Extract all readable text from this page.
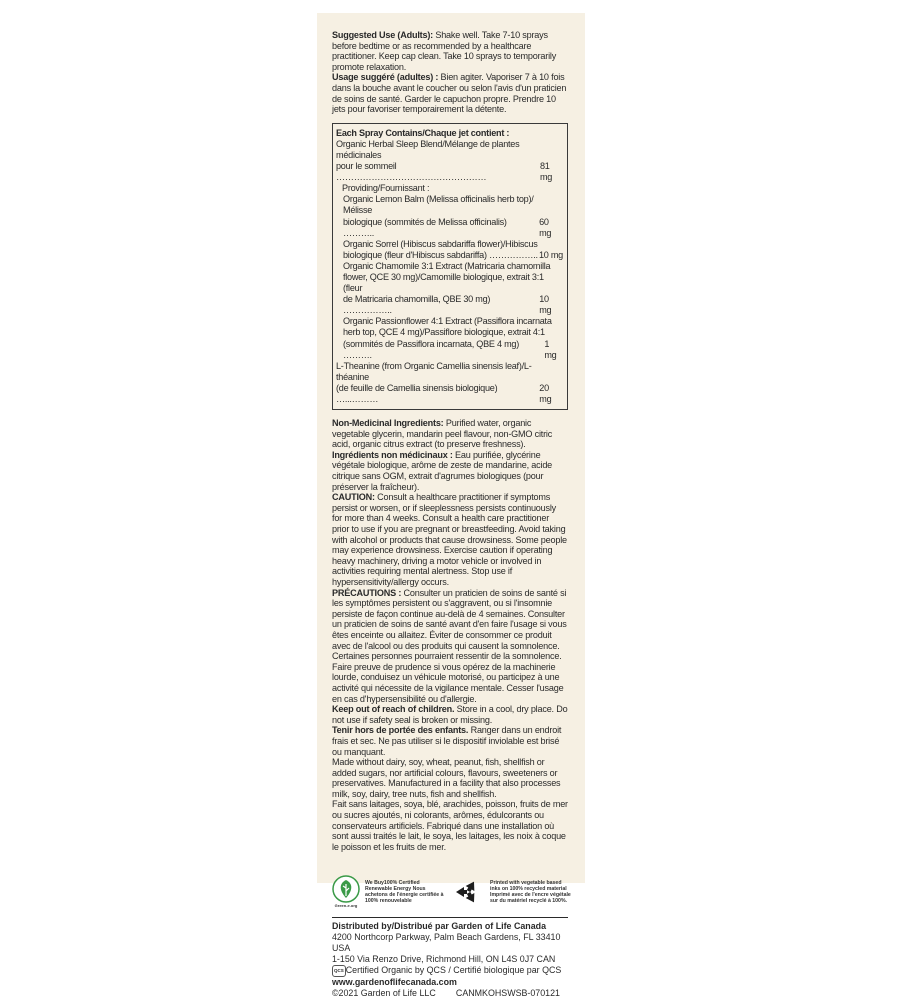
Suggested Use (Adults): Shake well. Take 7-10 sprays before bedtime or as recommended by a healthcare practitioner. Keep cap clean. Take 10 sprays to temporarily promote relaxation.
Usage suggéré (adultes) : Bien agiter. Vaporiser 7 à 10 fois dans la bouche avant le coucher ou selon l'avis d'un praticien de soins de santé. Garder le capuchon propre. Prendre 10 jets pour favoriser temporairement la détente.
Each Spray Contains/Chaque jet contient :
Organic Herbal Sleep Blend/Mélange de plantes médicinales
pour le sommeil ……………………………………………
81 mg
Providing/Fournissant :
Organic Lemon Balm (Melissa officinalis herb top)/ Mélisse
biologique (sommités de Melissa officinalis) ………..
60 mg
Organic Sorrel (Hibiscus sabdariffa flower)/Hibiscus
biologique (fleur d'Hibiscus sabdariffa) …………….. 10 mg
Organic Chamomile 3:1 Extract (Matricaria chamomilla
flower, QCE 30 mg)/Camomille biologique, extrait 3:1 (fleur
de Matricaria chamomilla, QBE 30 mg) ……………..
10 mg
Organic Passionflower 4:1 Extract (Passiflora incarnata
herb top, QCE 4 mg)/Passiflore biologique, extrait 4:1
(sommités de Passiflora incarnata, QBE 4 mg) ……….
1 mg
L-Theanine (from Organic Camellia sinensis leaf)/L-théanine
(de feuille de Camellia sinensis biologique) …...………
20 mg
Non-Medicinal Ingredients: Purified water, organic vegetable glycerin, mandarin peel flavour, non-GMO citric acid, organic citrus extract (to preserve freshness).
Ingrédients non médicinaux : Eau purifiée, glycérine végétale biologique, arôme de zeste de mandarine, acide citrique sans OGM, extrait d'agrumes biologiques (pour préserver la fraîcheur).
CAUTION: Consult a healthcare practitioner if symptoms persist or worsen, or if sleeplessness persists continuously for more than 4 weeks. Consult a health care practitioner prior to use if you are pregnant or breastfeeding. Avoid taking with alcohol or products that cause drowsiness. Some people may experience drowsiness. Exercise caution if operating heavy machinery, driving a motor vehicle or involved in activities requiring mental alertness. Stop use if hypersensitivity/allergy occurs.
PRÉCAUTIONS : Consulter un praticien de soins de santé si les symptômes persistent ou s'aggravent, ou si l'insomnie persiste de façon continue au-delà de 4 semaines. Consulter un praticien de soins de santé avant d'en faire l'usage si vous êtes enceinte ou allaitez. Éviter de consommer ce produit avec de l'alcool ou des produits qui causent la somnolence. Certaines personnes pourraient ressentir de la somnolence. Faire preuve de prudence si vous opérez de la machinerie lourde, conduisez un véhicule motorisé, ou participez à une activité qui nécessite de la vigilance mentale. Cesser l'usage en cas d'hypersensibilité ou d'allergie.
Keep out of reach of children. Store in a cool, dry place. Do not use if safety seal is broken or missing.
Tenir hors de portée des enfants. Ranger dans un endroit frais et sec. Ne pas utiliser si le dispositif inviolable est brisé ou manquant.
Made without dairy, soy, wheat, peanut, fish, shellfish or added sugars, nor artificial colours, flavours, sweeteners or preservatives. Manufactured in a facility that also processes milk, soy, dairy, tree nuts, fish and shellfish.
Fait sans laitages, soya, blé, arachides, poisson, fruits de mer ou sucres ajoutés, ni colorants, arômes, édulcorants ou conservateurs artificiels. Fabriqué dans une installation où sont aussi traités le lait, le soya, les laitages, les noix à coque le poisson et les fruits de mer.
Green-e.org
We Buy100% Certified Renewable Energy Nous achetons de l'énergie certifiée à 100% renouvelable
Printed with vegetable based inks on 100% recycled material Imprimé avec de l'encre végétale sur du matériel recyclé à 100%.
Distributed by/Distribué par Garden of Life Canada
4200 Northcorp Parkway, Palm Beach Gardens, FL 33410 USA
1-150 Via Renzo Drive, Richmond Hill, ON L4S 0J7 CAN
QCS Certified Organic by QCS / Certifié biologique par QCS
www.gardenoflifecanada.com
©2021 Garden of Life LLC CANMKOHSWSB-070121
